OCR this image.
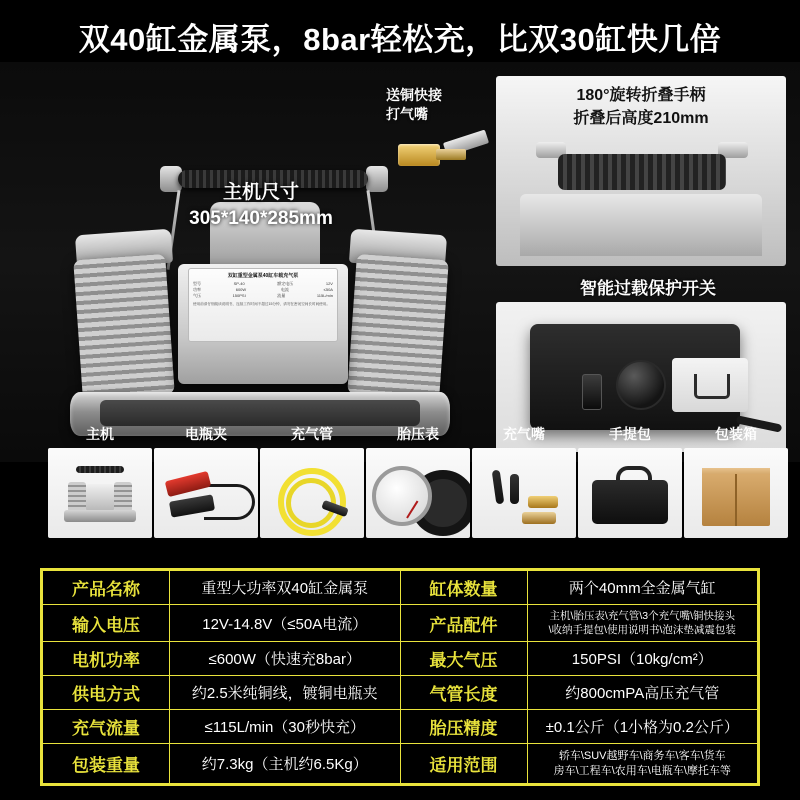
双40缸金属泵，8bar轻松充，比双30缸快几倍
双缸重型金属泵40缸车载充气泵
型号	SP-40	额定电压	12V
功率	600W	电流	≤50A
气压	150PSI	流量	115L/min
使用前请仔细阅读说明书，连续工作时间不超过15分钟，请勿在密闭空间长时间使用。
主机尺寸
305*140*285mm
送铜快接
打气嘴
180°旋转折叠手柄
折叠后高度210mm
智能过载保护开关
主机	电瓶夹	充气管	胎压表	充气嘴	手提包	包装箱
产品名称	重型大功率双40缸金属泵	缸体数量	两个40mm全金属气缸
输入电压	12V-14.8V（≤50A电流）	产品配件	主机\胎压表\充气管\3个充气嘴\铜快接头
\收纳手提包\使用说明书\泡沫垫减震包装

电机功率	≤600W（快速充8bar）	最大气压	150PSI（10kg/cm²）
供电方式	约2.5米纯铜线，镀铜电瓶夹	气管长度	约800cmPA高压充气管
充气流量	≤115L/min（30秒快充）	胎压精度	±0.1公斤（1小格为0.2公斤）
包装重量	约7.3kg（主机约6.5Kg）	适用范围	轿车\SUV越野车\商务车\客车\货车
房车\工程车\农用车\电瓶车\摩托车等
